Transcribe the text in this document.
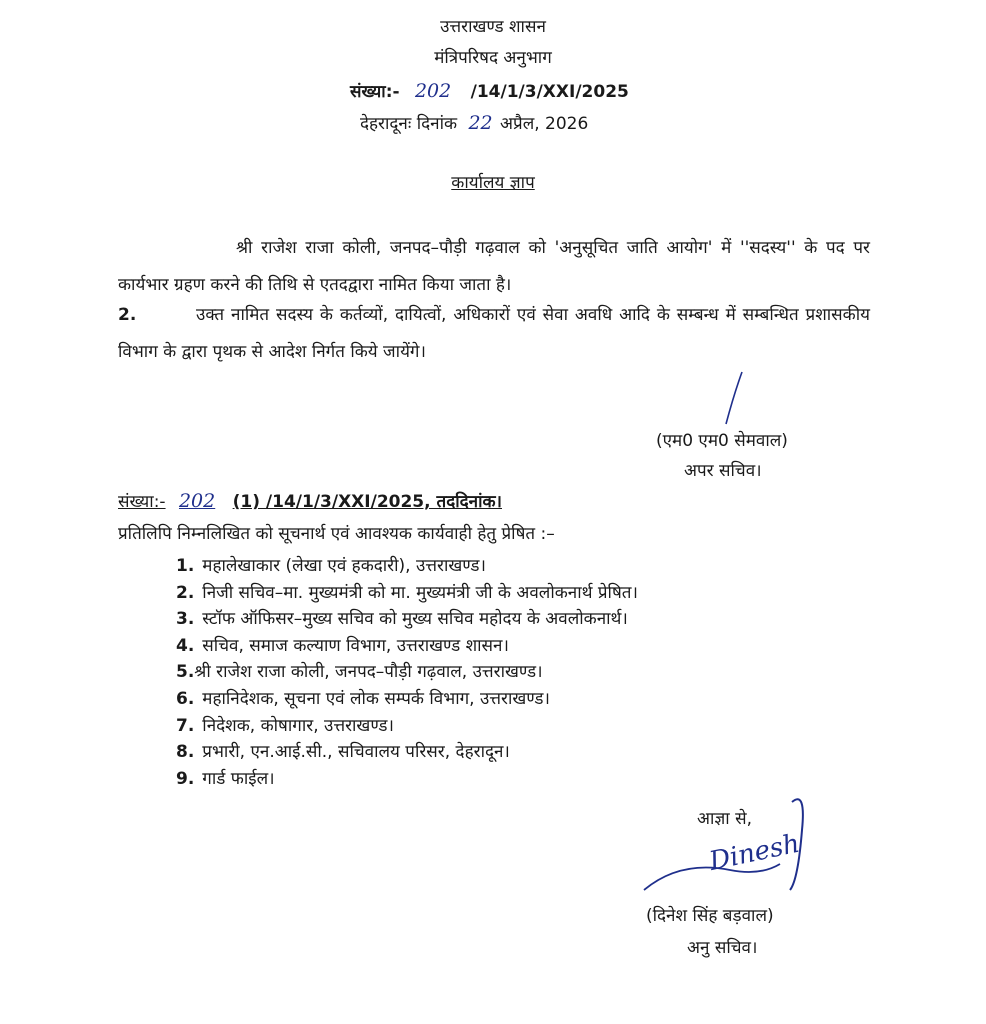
उत्तराखण्ड शासन
मंत्रिपरिषद अनुभाग
संख्या:- 202 /14/1/3/XXI/2025
देहरादूनः दिनांक 22 अप्रैल, 2026
कार्यालय ज्ञाप
श्री राजेश राजा कोली, जनपद–पौड़ी गढ़वाल को 'अनुसूचित जाति आयोग' में ''सदस्य'' के पद पर कार्यभार ग्रहण करने की तिथि से एतदद्वारा नामित किया जाता है।
2.	उक्त नामित सदस्य के कर्तव्यों, दायित्वों, अधिकारों एवं सेवा अवधि आदि के सम्बन्ध में सम्बन्धित प्रशासकीय विभाग के द्वारा पृथक से आदेश निर्गत किये जायेंगे।
(एम0 एम0 सेमवाल)
अपर सचिव।
संख्या:- 202 (1) /14/1/3/XXI/2025, तददिनांक।
प्रतिलिपि निम्नलिखित को सूचनार्थ एवं आवश्यक कार्यवाही हेतु प्रेषित :–
1. महालेखाकार (लेखा एवं हकदारी), उत्तराखण्ड।
2. निजी सचिव–मा. मुख्यमंत्री को मा. मुख्यमंत्री जी के अवलोकनार्थ प्रेषित।
3. स्टॉफ ऑफिसर–मुख्य सचिव को मुख्य सचिव महोदय के अवलोकनार्थ।
4. सचिव, समाज कल्याण विभाग, उत्तराखण्ड शासन।
5.श्री राजेश राजा कोली, जनपद–पौड़ी गढ़वाल, उत्तराखण्ड।
6. महानिदेशक, सूचना एवं लोक सम्पर्क विभाग, उत्तराखण्ड।
7. निदेशक, कोषागार, उत्तराखण्ड।
8. प्रभारी, एन.आई.सी., सचिवालय परिसर, देहरादून।
9. गार्ड फाईल।
आज्ञा से,
Dinesh
(दिनेश सिंह बड़वाल)
अनु सचिव।
